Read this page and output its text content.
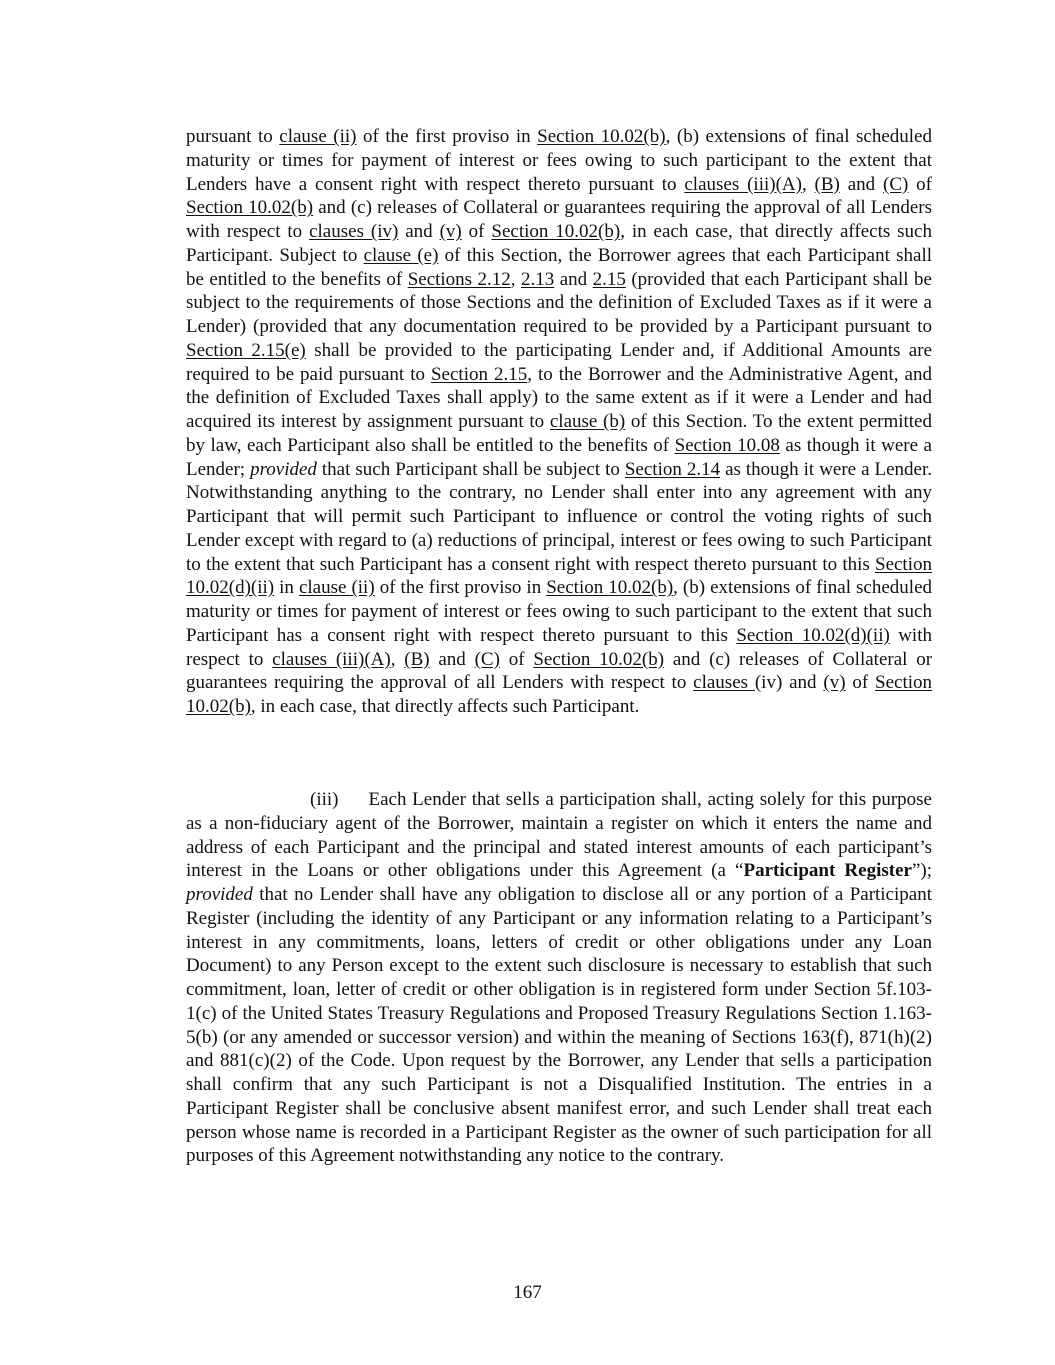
pursuant to clause (ii) of the first proviso in Section 10.02(b), (b) extensions of final scheduled maturity or times for payment of interest or fees owing to such participant to the extent that Lenders have a consent right with respect thereto pursuant to clauses (iii)(A), (B) and (C) of Section 10.02(b) and (c) releases of Collateral or guarantees requiring the approval of all Lenders with respect to clauses (iv) and (v) of Section 10.02(b), in each case, that directly affects such Participant. Subject to clause (e) of this Section, the Borrower agrees that each Participant shall be entitled to the benefits of Sections 2.12, 2.13 and 2.15 (provided that each Participant shall be subject to the requirements of those Sections and the definition of Excluded Taxes as if it were a Lender) (provided that any documentation required to be provided by a Participant pursuant to Section 2.15(e) shall be provided to the participating Lender and, if Additional Amounts are required to be paid pursuant to Section 2.15, to the Borrower and the Administrative Agent, and the definition of Excluded Taxes shall apply) to the same extent as if it were a Lender and had acquired its interest by assignment pursuant to clause (b) of this Section. To the extent permitted by law, each Participant also shall be entitled to the benefits of Section 10.08 as though it were a Lender; provided that such Participant shall be subject to Section 2.14 as though it were a Lender. Notwithstanding anything to the contrary, no Lender shall enter into any agreement with any Participant that will permit such Participant to influence or control the voting rights of such Lender except with regard to (a) reductions of principal, interest or fees owing to such Participant to the extent that such Participant has a consent right with respect thereto pursuant to this Section 10.02(d)(ii) in clause (ii) of the first proviso in Section 10.02(b), (b) extensions of final scheduled maturity or times for payment of interest or fees owing to such participant to the extent that such Participant has a consent right with respect thereto pursuant to this Section 10.02(d)(ii) with respect to clauses (iii)(A), (B) and (C) of Section 10.02(b) and (c) releases of Collateral or guarantees requiring the approval of all Lenders with respect to clauses (iv) and (v) of Section 10.02(b), in each case, that directly affects such Participant.

(iii) Each Lender that sells a participation shall, acting solely for this purpose as a non-fiduciary agent of the Borrower, maintain a register on which it enters the name and address of each Participant and the principal and stated interest amounts of each participant’s interest in the Loans or other obligations under this Agreement (a “Participant Register”); provided that no Lender shall have any obligation to disclose all or any portion of a Participant Register (including the identity of any Participant or any information relating to a Participant’s interest in any commitments, loans, letters of credit or other obligations under any Loan Document) to any Person except to the extent such disclosure is necessary to establish that such commitment, loan, letter of credit or other obligation is in registered form under Section 5f.103-1(c) of the United States Treasury Regulations and Proposed Treasury Regulations Section 1.163-5(b) (or any amended or successor version) and within the meaning of Sections 163(f), 871(h)(2) and 881(c)(2) of the Code. Upon request by the Borrower, any Lender that sells a participation shall confirm that any such Participant is not a Disqualified Institution. The entries in a Participant Register shall be conclusive absent manifest error, and such Lender shall treat each person whose name is recorded in a Participant Register as the owner of such participation for all purposes of this Agreement notwithstanding any notice to the contrary.

167
